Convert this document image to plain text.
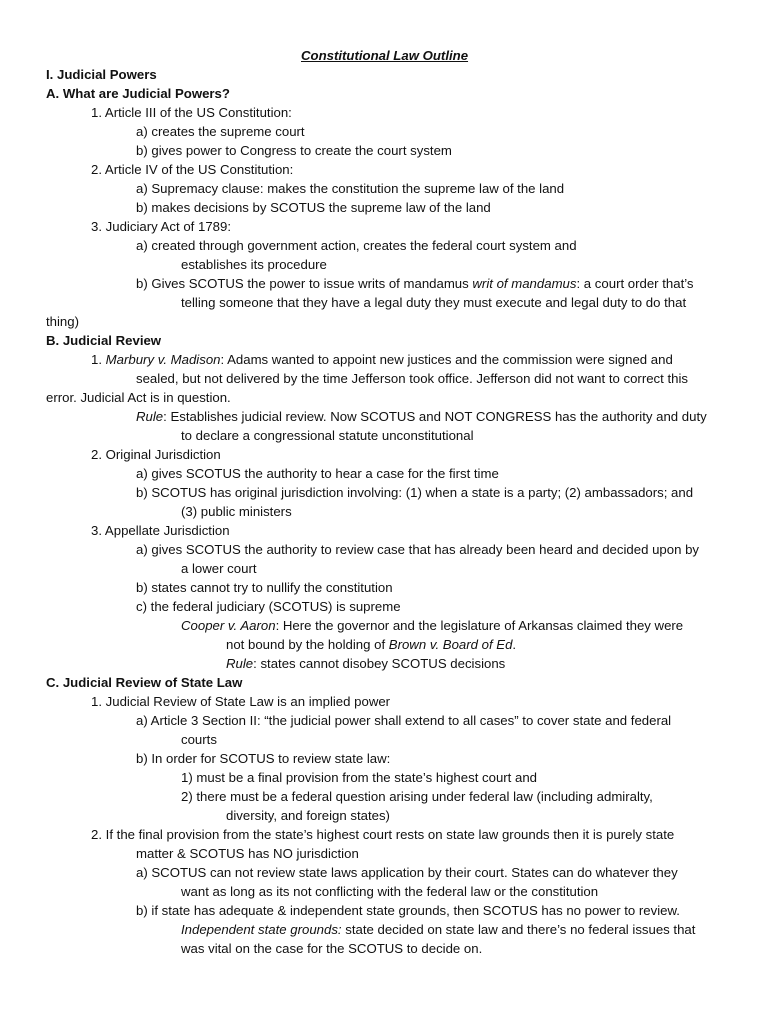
Constitutional Law Outline
I. Judicial Powers
A. What are Judicial Powers?
1. Article III of the US Constitution:
a) creates the supreme court
b) gives power to Congress to create the court system
2. Article IV of the US Constitution:
a) Supremacy clause: makes the constitution the supreme law of the land
b) makes decisions by SCOTUS the supreme law of the land
3. Judiciary Act of 1789:
a) created through government action, creates the federal court system and
establishes its procedure
b) Gives SCOTUS the power to issue writs of mandamus writ of mandamus: a court order that’s
telling someone that they have a legal duty they must execute and legal duty to do that
thing)
B. Judicial Review
1. Marbury v. Madison: Adams wanted to appoint new justices and the commission were signed and
sealed, but not delivered by the time Jefferson took office. Jefferson did not want to correct this
error. Judicial Act is in question.
Rule: Establishes judicial review. Now SCOTUS and NOT CONGRESS has the authority and duty
to declare a congressional statute unconstitutional
2. Original Jurisdiction
a) gives SCOTUS the authority to hear a case for the first time
b) SCOTUS has original jurisdiction involving: (1) when a state is a party; (2) ambassadors; and
(3) public ministers
3. Appellate Jurisdiction
a) gives SCOTUS the authority to review case that has already been heard and decided upon by
a lower court
b) states cannot try to nullify the constitution
c) the federal judiciary (SCOTUS) is supreme
Cooper v. Aaron: Here the governor and the legislature of Arkansas claimed they were
not bound by the holding of Brown v. Board of Ed.
Rule: states cannot disobey SCOTUS decisions
C. Judicial Review of State Law
1. Judicial Review of State Law is an implied power
a) Article 3 Section II: “the judicial power shall extend to all cases” to cover state and federal
courts
b) In order for SCOTUS to review state law:
1) must be a final provision from the state’s highest court and
2) there must be a federal question arising under federal law (including admiralty,
diversity, and foreign states)
2. If the final provision from the state’s highest court rests on state law grounds then it is purely state
matter & SCOTUS has NO jurisdiction
a) SCOTUS can not review state laws application by their court. States can do whatever they
want as long as its not conflicting with the federal law or the constitution
b) if state has adequate & independent state grounds, then SCOTUS has no power to review.
Independent state grounds: state decided on state law and there’s no federal issues that
was vital on the case for the SCOTUS to decide on.
